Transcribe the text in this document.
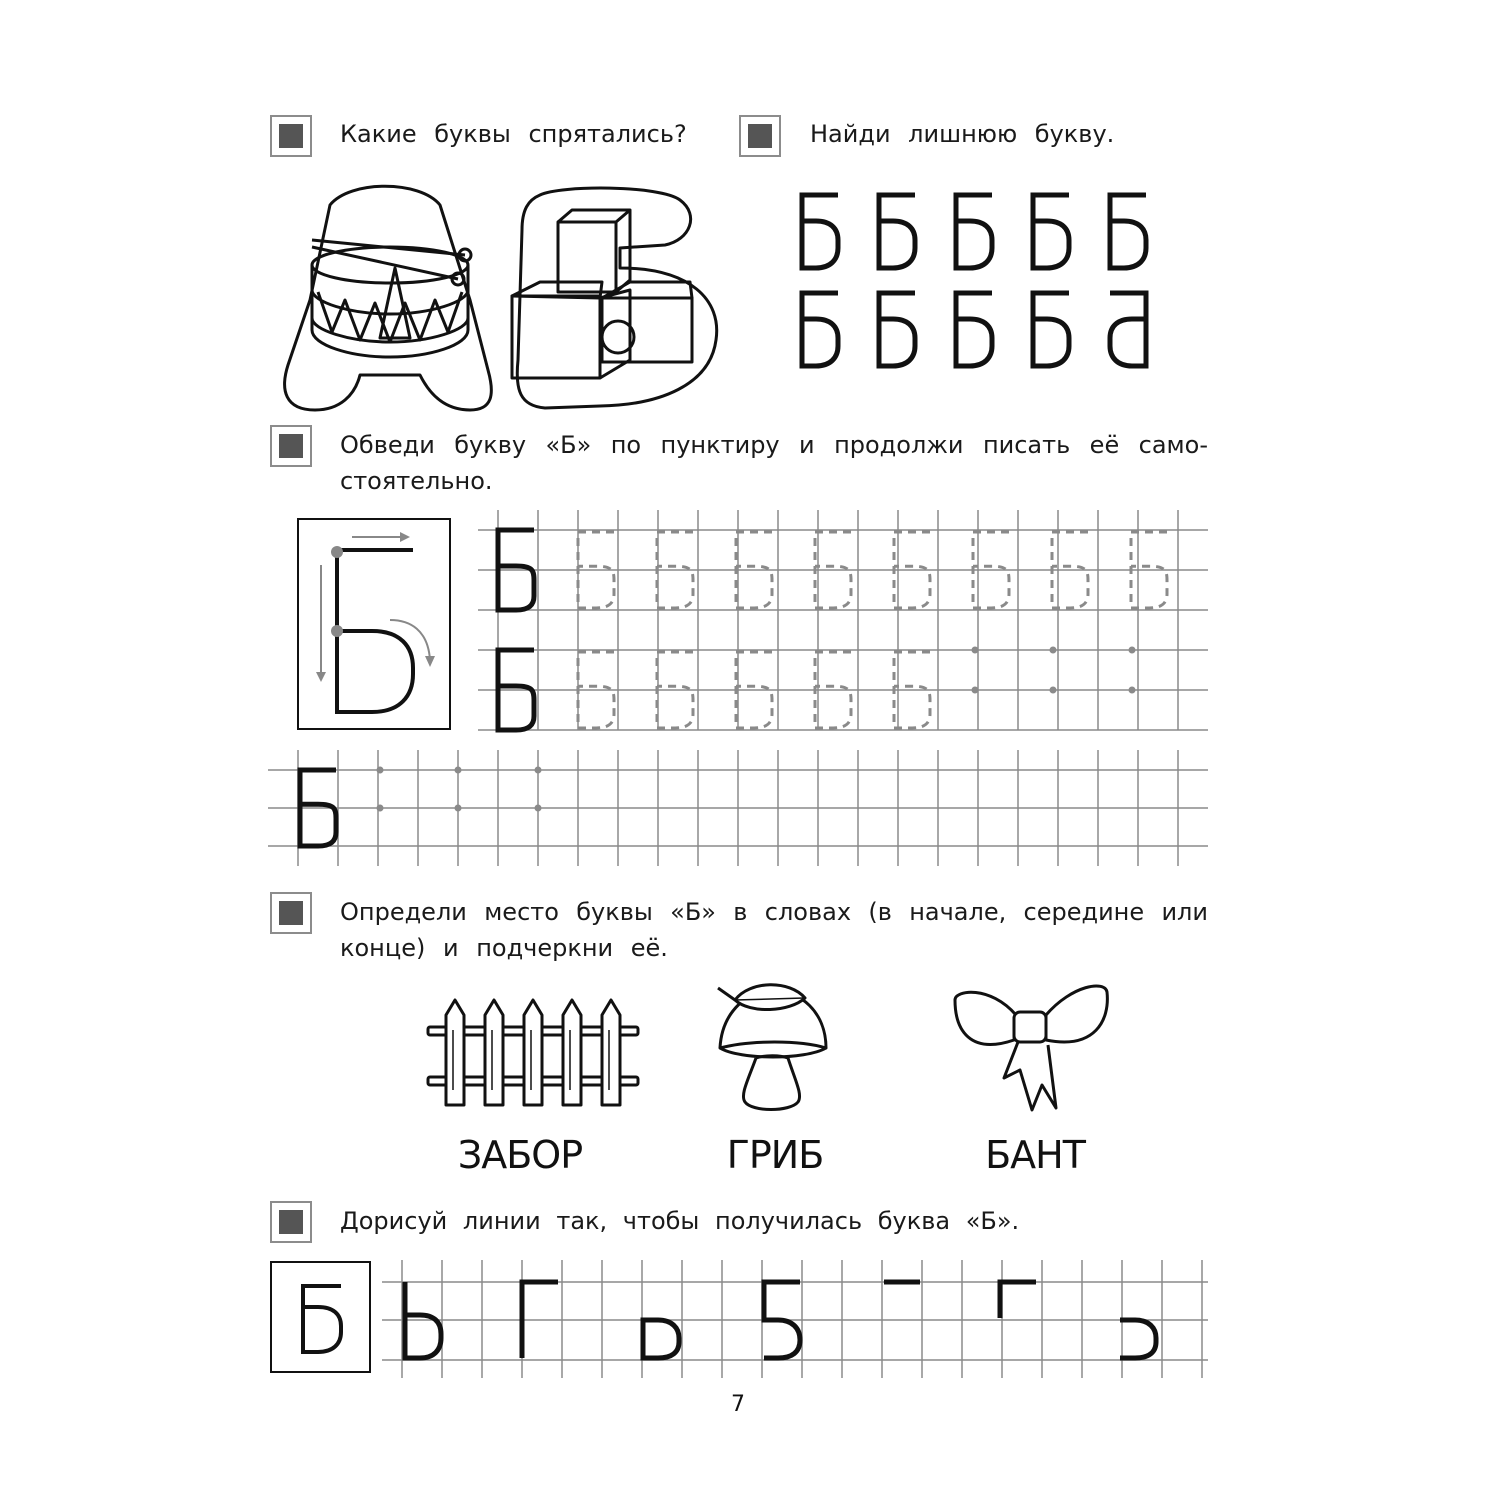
Какие буквы спрятались?	Найди лишнюю букву.
Обведи букву «Б» по пунктиру и продолжи писать её само-
стоятельно.
Определи место буквы «Б» в словах (в начале, середине или
конце) и подчеркни её.
Дорисуй линии так, чтобы получилась буква «Б».
ЗАБОР	ГРИБ	БАНТ
7
